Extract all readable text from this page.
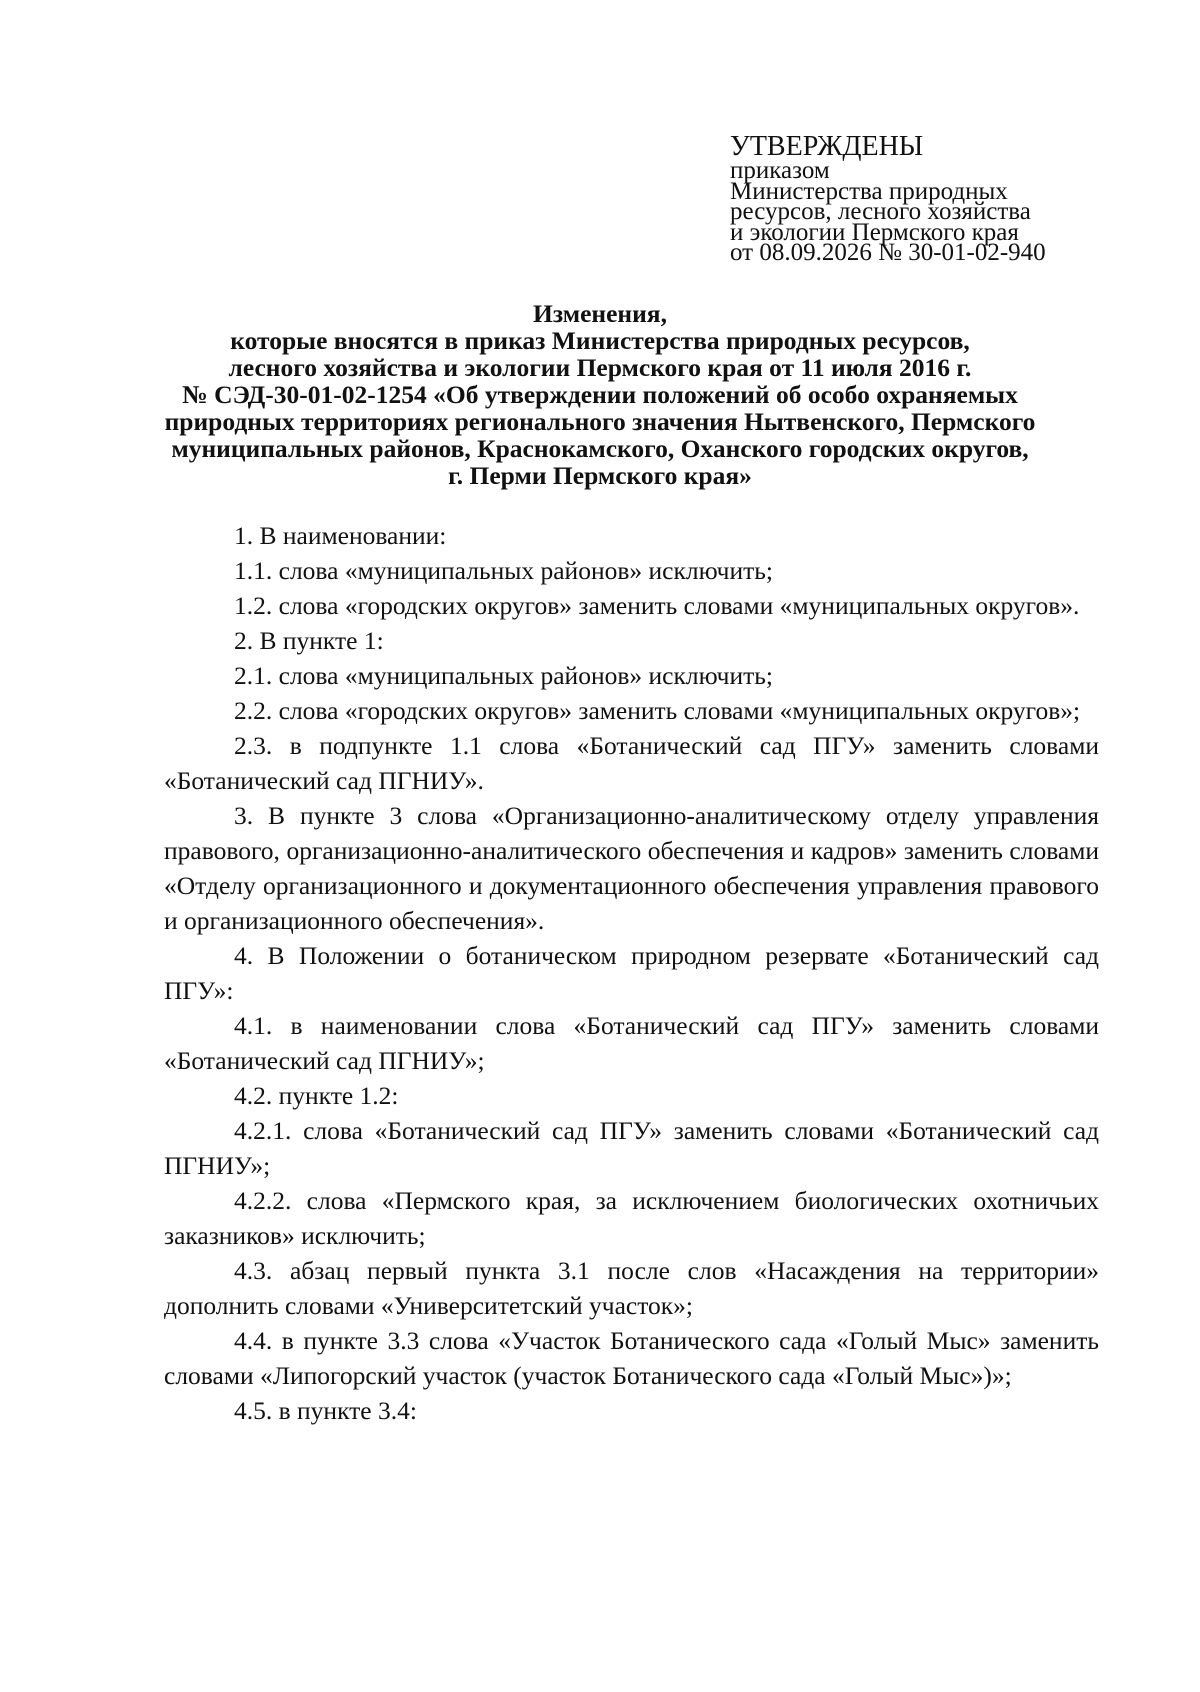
УТВЕРЖДЕНЫ
приказом
Министерства природных
ресурсов, лесного хозяйства
и экологии Пермского края
от 08.09.2026 № 30-01-02-940
Изменения,
которые вносятся в приказ Министерства природных ресурсов,
лесного хозяйства и экологии Пермского края от 11 июля 2016 г.
№ СЭД-30-01-02-1254 «Об утверждении положений об особо охраняемых
природных территориях регионального значения Нытвенского, Пермского
муниципальных районов, Краснокамского, Оханского городских округов,
г. Перми Пермского края»

1. В наименовании:

1.1. слова «муниципальных районов» исключить;

1.2. слова «городских округов» заменить словами «муниципальных округов».

2. В пункте 1:

2.1. слова «муниципальных районов» исключить;

2.2. слова «городских округов» заменить словами «муниципальных округов»;

2.3. в подпункте 1.1 слова «Ботанический сад ПГУ» заменить словами «Ботанический сад ПГНИУ».

3. В пункте 3 слова «Организационно-аналитическому отделу управления правового, организационно-аналитического обеспечения и кадров» заменить словами «Отделу организационного и документационного обеспечения управления правового и организационного обеспечения».

4. В Положении о ботаническом природном резервате «Ботанический сад ПГУ»:

4.1. в наименовании слова «Ботанический сад ПГУ» заменить словами «Ботанический сад ПГНИУ»;

4.2. пункте 1.2:

4.2.1. слова «Ботанический сад ПГУ» заменить словами «Ботанический сад ПГНИУ»;

4.2.2. слова «Пермского края, за исключением биологических охотничьих заказников» исключить;

4.3. абзац первый пункта 3.1 после слов «Насаждения на территории» дополнить словами «Университетский участок»;

4.4. в пункте 3.3 слова «Участок Ботанического сада «Голый Мыс» заменить словами «Липогорский участок (участок Ботанического сада «Голый Мыс»)»;

4.5. в пункте 3.4:
